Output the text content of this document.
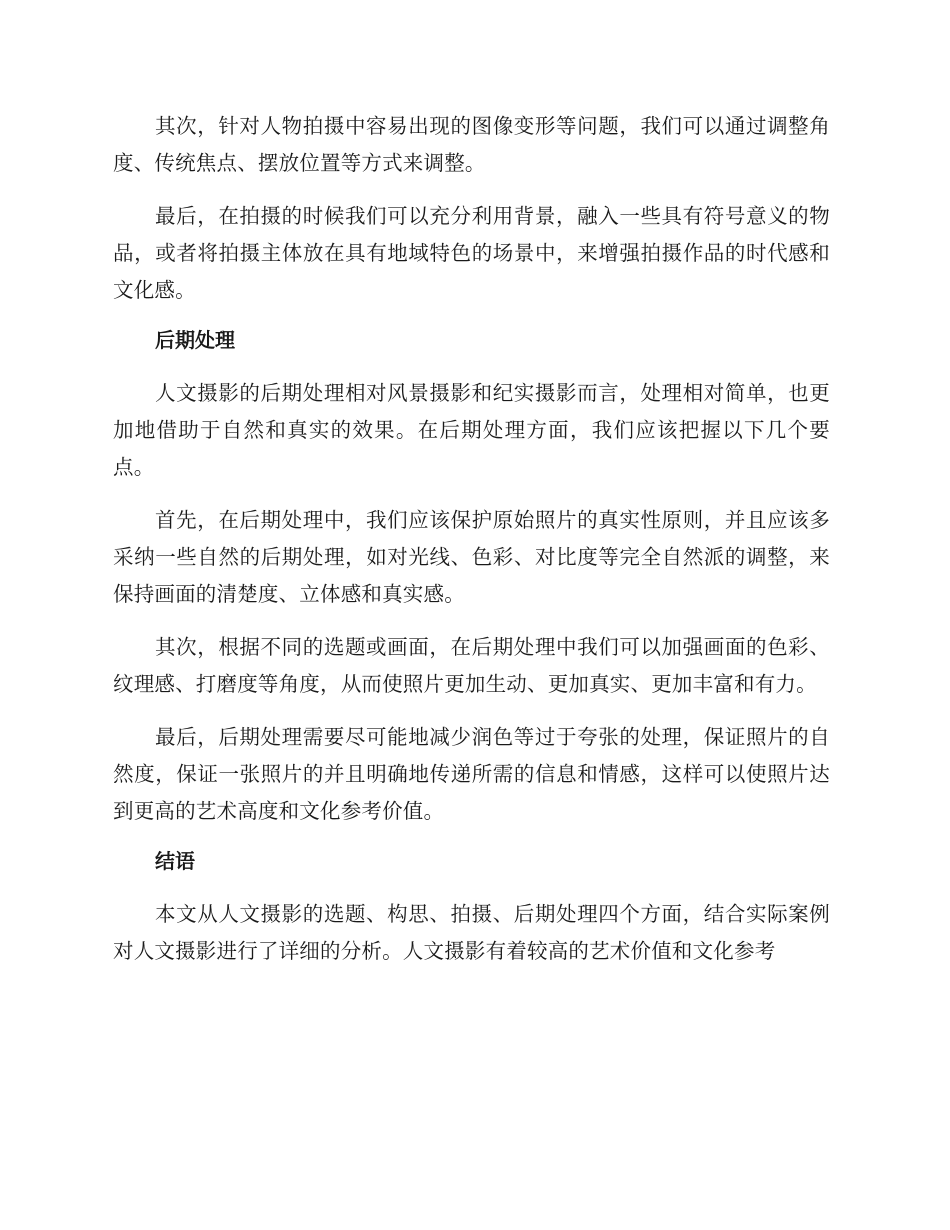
其次，针对人物拍摄中容易出现的图像变形等问题，我们可以通过调整角度、传统焦点、摆放位置等方式来调整。

最后，在拍摄的时候我们可以充分利用背景，融入一些具有符号意义的物品，或者将拍摄主体放在具有地域特色的场景中，来增强拍摄作品的时代感和文化感。

后期处理

人文摄影的后期处理相对风景摄影和纪实摄影而言，处理相对简单，也更加地借助于自然和真实的效果。在后期处理方面，我们应该把握以下几个要点。

首先，在后期处理中，我们应该保护原始照片的真实性原则，并且应该多采纳一些自然的后期处理，如对光线、色彩、对比度等完全自然派的调整，来保持画面的清楚度、立体感和真实感。

其次，根据不同的选题或画面，在后期处理中我们可以加强画面的色彩、纹理感、打磨度等角度，从而使照片更加生动、更加真实、更加丰富和有力。

最后，后期处理需要尽可能地减少润色等过于夸张的处理，保证照片的自然度，保证一张照片的并且明确地传递所需的信息和情感，这样可以使照片达到更高的艺术高度和文化参考价值。

结语

本文从人文摄影的选题、构思、拍摄、后期处理四个方面，结合实际案例对人文摄影进行了详细的分析。人文摄影有着较高的艺术价值和文化参考
